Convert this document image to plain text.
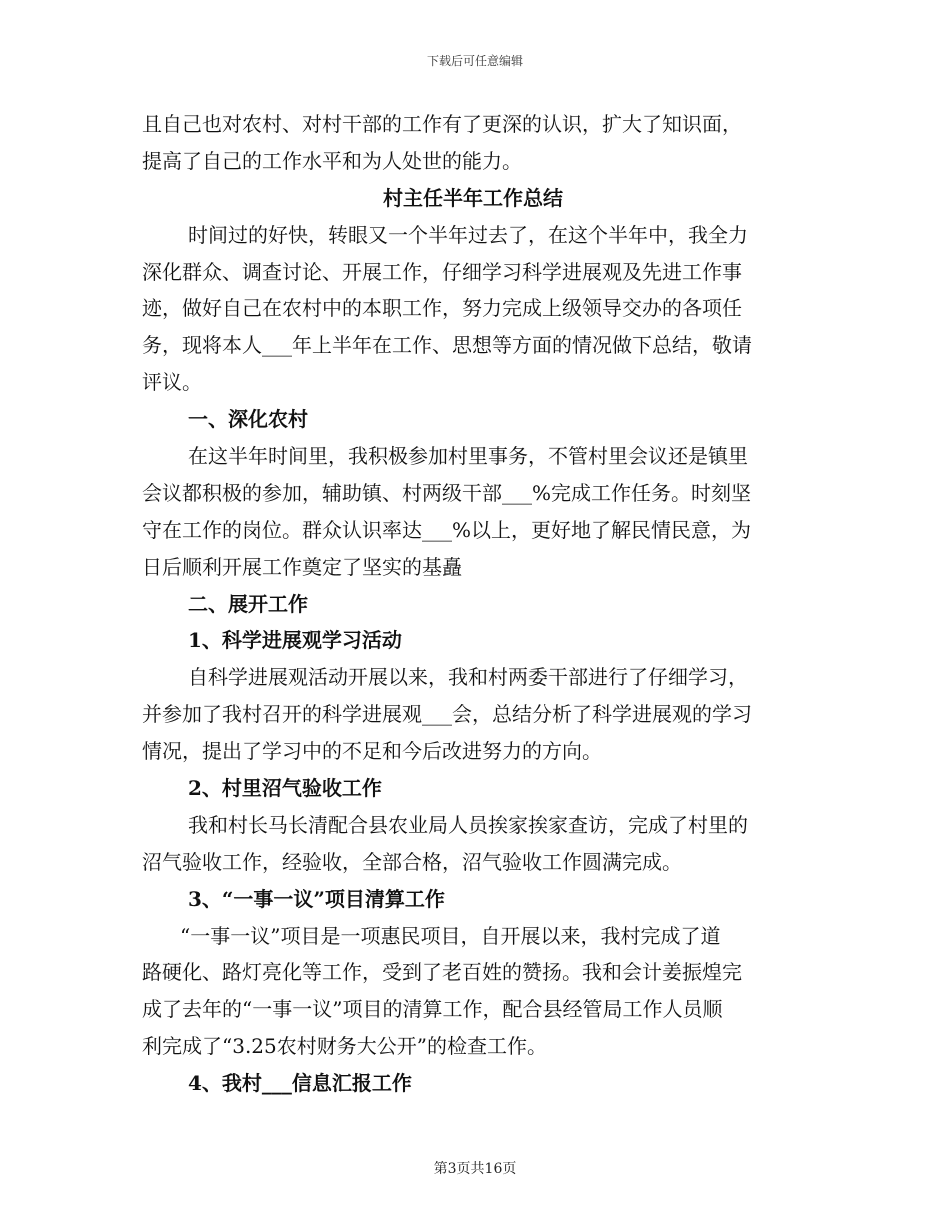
下载后可任意编辑
且自己也对农村、对村干部的工作有了更深的认识，扩大了知识面，
提高了自己的工作水平和为人处世的能力。
村主任半年工作总结
时间过的好快，转眼又一个半年过去了，在这个半年中，我全力
深化群众、调查讨论、开展工作，仔细学习科学进展观及先进工作事
迹，做好自己在农村中的本职工作，努力完成上级领导交办的各项任
务，现将本人___年上半年在工作、思想等方面的情况做下总结，敬请
评议。
一、深化农村
在这半年时间里，我积极参加村里事务，不管村里会议还是镇里
会议都积极的参加，辅助镇、村两级干部___%完成工作任务。时刻坚
守在工作的岗位。群众认识率达___%以上，更好地了解民情民意，为
日后顺利开展工作奠定了坚实的基矗
二、展开工作
1、科学进展观学习活动
自科学进展观活动开展以来，我和村两委干部进行了仔细学习，
并参加了我村召开的科学进展观___会，总结分析了科学进展观的学习
情况，提出了学习中的不足和今后改进努力的方向。
2、村里沼气验收工作
我和村长马长清配合县农业局人员挨家挨家查访，完成了村里的
沼气验收工作，经验收，全部合格，沼气验收工作圆满完成。
3、“一事一议”项目清算工作
“一事一议”项目是一项惠民项目，自开展以来，我村完成了道
路硬化、路灯亮化等工作，受到了老百姓的赞扬。我和会计姜振煌完
成了去年的“一事一议”项目的清算工作，配合县经管局工作人员顺
利完成了“3.25农村财务大公开”的检查工作。
4、我村___信息汇报工作
第3页共16页
